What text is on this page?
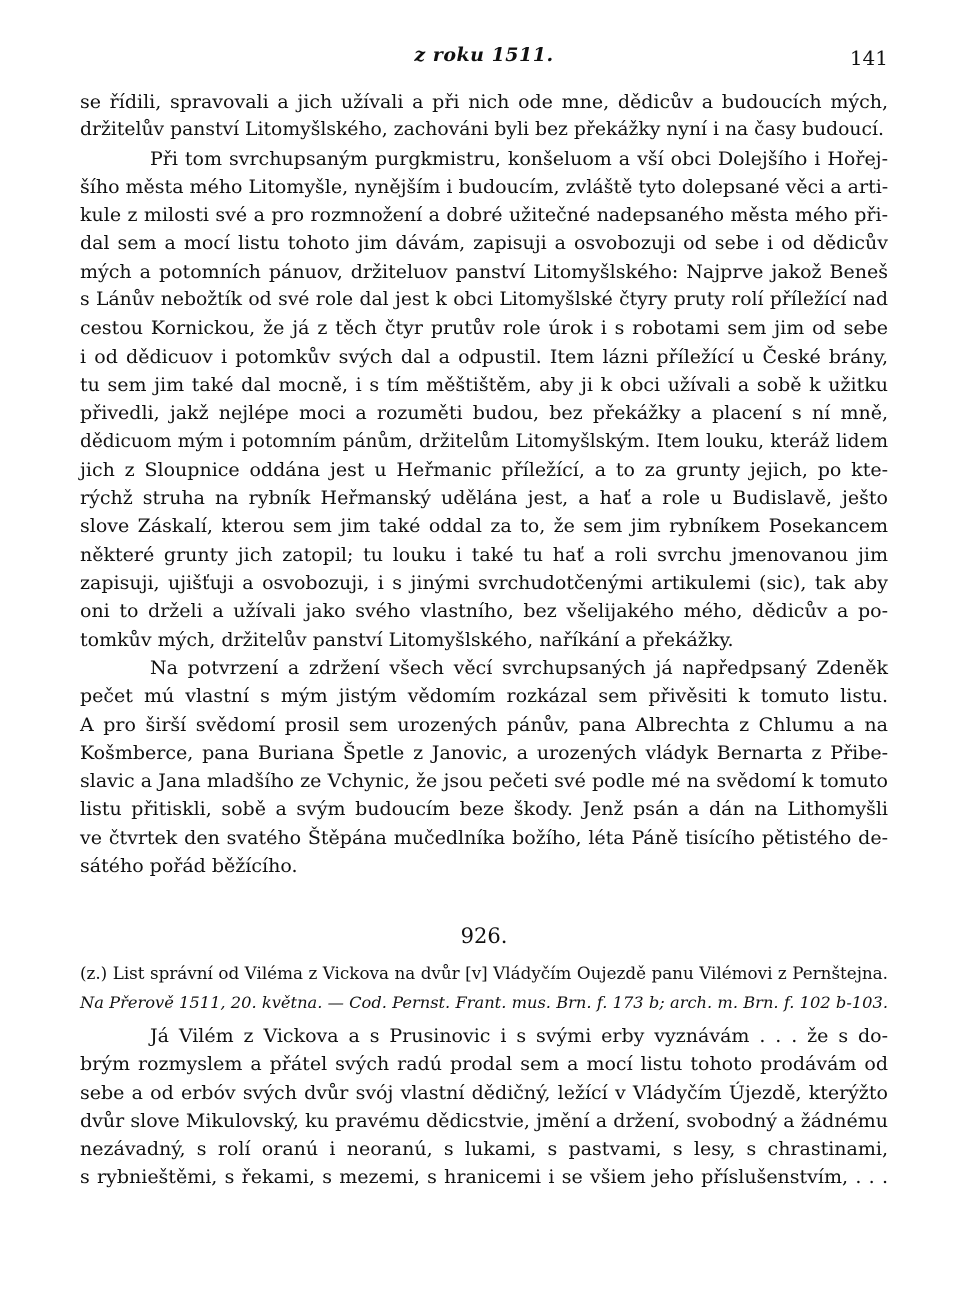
z roku 1511.	141
se řídili, spravovali a jich užívali a při nich ode mne, dědicův a budoucích mých,
držitelův panství Litomyšlského, zachováni byli bez překážky nyní i na časy budoucí.
Při tom svrchupsaným purgkmistru, konšeluom a vší obci Dolejšího i Hořej-
šího města mého Litomyšle, nynějším i budoucím, zvláště tyto dolepsané věci a arti-
kule z milosti své a pro rozmnožení a dobré užitečné nadepsaného města mého při-
dal sem a mocí listu tohoto jim dávám, zapisuji a osvobozuji od sebe i od dědicův
mých a potomních pánuov, držiteluov panství Litomyšlského: Najprve jakož Beneš
s Lánův nebožtík od své role dal jest k obci Litomyšlské čtyry pruty rolí příležící nad
cestou Kornickou, že já z těch čtyr prutův role úrok i s robotami sem jim od sebe
i od dědicuov i potomkův svých dal a odpustil. Item lázni příležící u České brány,
tu sem jim také dal mocně, i s tím měštištěm, aby ji k obci užívali a sobě k užitku
přivedli, jakž nejlépe moci a rozuměti budou, bez překážky a placení s ní mně,
dědicuom mým i potomním pánům, držitelům Litomyšlským. Item louku, kteráž lidem
jich z Sloupnice oddána jest u Heřmanic příležící, a to za grunty jejich, po kte-
rýchž struha na rybník Heřmanský udělána jest, a hať a role u Budislavě, ješto
slove Záskalí, kterou sem jim také oddal za to, že sem jim rybníkem Posekancem
některé grunty jich zatopil; tu louku i také tu hať a roli svrchu jmenovanou jim
zapisuji, ujišťuji a osvobozuji, i s jinými svrchudotčenými artikulemi (sic), tak aby
oni to drželi a užívali jako svého vlastního, bez všelijakého mého, dědicův a po-
tomkův mých, držitelův panství Litomyšlského, naříkání a překážky.
Na potvrzení a zdržení všech věcí svrchupsaných já napředpsaný Zdeněk
pečet mú vlastní s mým jistým vědomím rozkázal sem přivěsiti k tomuto listu.
A pro širší svědomí prosil sem urozených pánův, pana Albrechta z Chlumu a na
Košmberce, pana Buriana Špetle z Janovic, a urozených vládyk Bernarta z Přibe-
slavic a Jana mladšího ze Vchynic, že jsou pečeti své podle mé na svědomí k tomuto
listu přitiskli, sobě a svým budoucím beze škody. Jenž psán a dán na Lithomyšli
ve čtvrtek den svatého Štěpána mučedlníka božího, léta Páně tisícího pětistého de-
sátého pořád běžícího.
926.
(z.) List správní od Viléma z Vickova na dvůr [v] Vládyčím Oujezdě panu Vilémovi z Pernštejna.
Na Přerově 1511, 20. května. — Cod. Pernst. Frant. mus. Brn. f. 173 b; arch. m. Brn. f. 102 b-103.
Já Vilém z Vickova a s Prusinovic i s svými erby vyznávám . . . že s do-
brým rozmyslem a přátel svých radú prodal sem a mocí listu tohoto prodávám od
sebe a od erbóv svých dvůr svój vlastní dědičný, ležící v Vládyčím Újezdě, kterýžto
dvůr slove Mikulovský, ku pravému dědicstvie, jmění a držení, svobodný a žádnému
nezávadný, s rolí oranú i neoranú, s lukami, s pastvami, s lesy, s chrastinami,
s rybnieštěmi, s řekami, s mezemi, s hranicemi i se všiem jeho příslušenstvím, . . .
